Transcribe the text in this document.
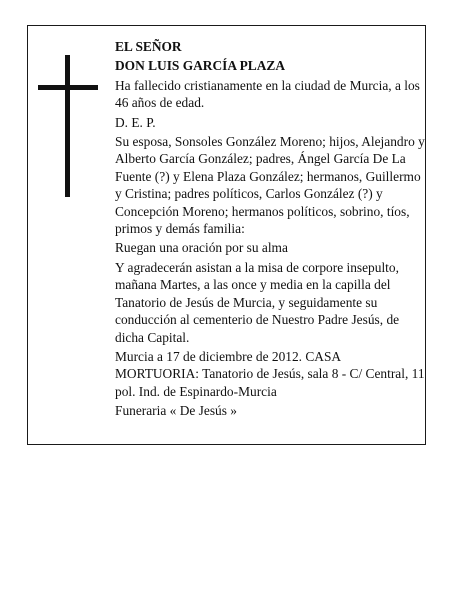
EL SEÑOR

DON LUIS GARCÍA PLAZA

Ha fallecido cristianamente en la ciudad de Murcia, a los 46 años de edad.

D. E. P.

Su esposa, Sonsoles González Moreno; hijos, Alejandro y Alberto García González; padres, Ángel García De La Fuente (?) y Elena Plaza González; hermanos, Guillermo y Cristina; padres políticos, Carlos González (?) y Concepción Moreno; hermanos políticos, sobrino, tíos, primos y demás familia:

Ruegan una oración por su alma

Y agradecerán asistan a la misa de corpore insepulto, mañana Martes, a las once y media en la capilla del Tanatorio de Jesús de Murcia, y seguidamente su conducción al cementerio de Nuestro Padre Jesús, de dicha Capital.

Murcia a 17 de diciembre de 2012. CASA MORTUORIA: Tanatorio de Jesús, sala 8 - C/ Central, 11 pol. Ind. de Espinardo-Murcia

Funeraria « De Jesús »
